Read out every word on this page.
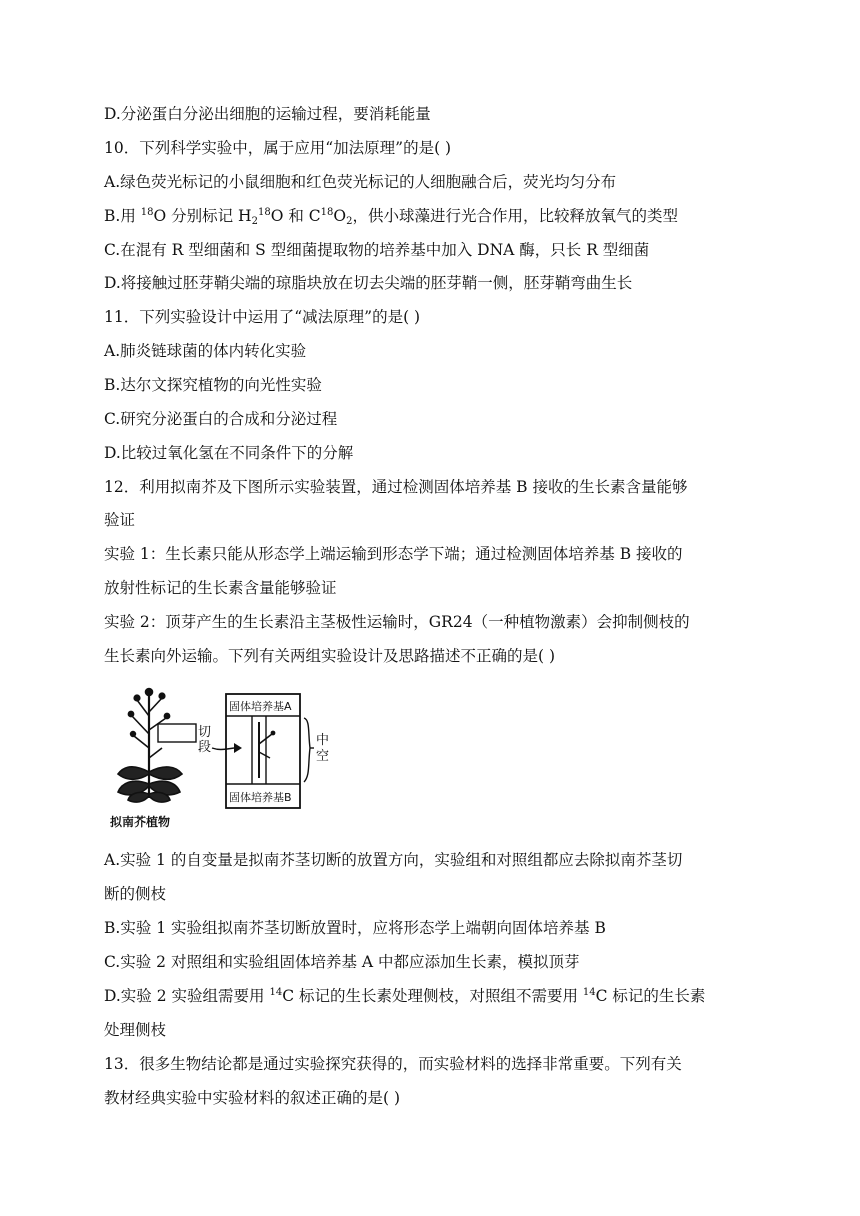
D.分泌蛋白分泌出细胞的运输过程，要消耗能量
10．下列科学实验中，属于应用“加法原理”的是( )
A.绿色荧光标记的小鼠细胞和红色荧光标记的人细胞融合后，荧光均匀分布
B.用 $^{18}$O 分别标记 $H_2^{18}O$ 和 $C^{18}O_2$，供小球藻进行光合作用，比较释放氧气的类型
C.在混有 R 型细菌和 S 型细菌提取物的培养基中加入 DNA 酶，只长 R 型细菌
D.将接触过胚芽鞘尖端的琼脂块放在切去尖端的胚芽鞘一侧，胚芽鞘弯曲生长
11．下列实验设计中运用了“减法原理”的是( )
A.肺炎链球菌的体内转化实验
B.达尔文探究植物的向光性实验
C.研究分泌蛋白的合成和分泌过程
D.比较过氧化氢在不同条件下的分解
12．利用拟南芥及下图所示实验装置，通过检测固体培养基 B 接收的生长素含量能够
验证
实验 1：生长素只能从形态学上端运输到形态学下端；通过检测固体培养基 B 接收的
放射性标记的生长素含量能够验证
实验 2：顶芽产生的生长素沿主茎极性运输时，GR24（一种植物激素）会抑制侧枝的
生长素向外运输。下列有关两组实验设计及思路描述不正确的是( )
切
段
固体培养基A
固体培养基B
中
空
拟南芥植物
A.实验 1 的自变量是拟南芥茎切断的放置方向，实验组和对照组都应去除拟南芥茎切
断的侧枝
B.实验 1 实验组拟南芥茎切断放置时，应将形态学上端朝向固体培养基 B
C.实验 2 对照组和实验组固体培养基 A 中都应添加生长素，模拟顶芽
D.实验 2 实验组需要用 $^{14}$C 标记的生长素处理侧枝，对照组不需要用 $^{14}$C 标记的生长素
处理侧枝
13．很多生物结论都是通过实验探究获得的，而实验材料的选择非常重要。下列有关
教材经典实验中实验材料的叙述正确的是( )
